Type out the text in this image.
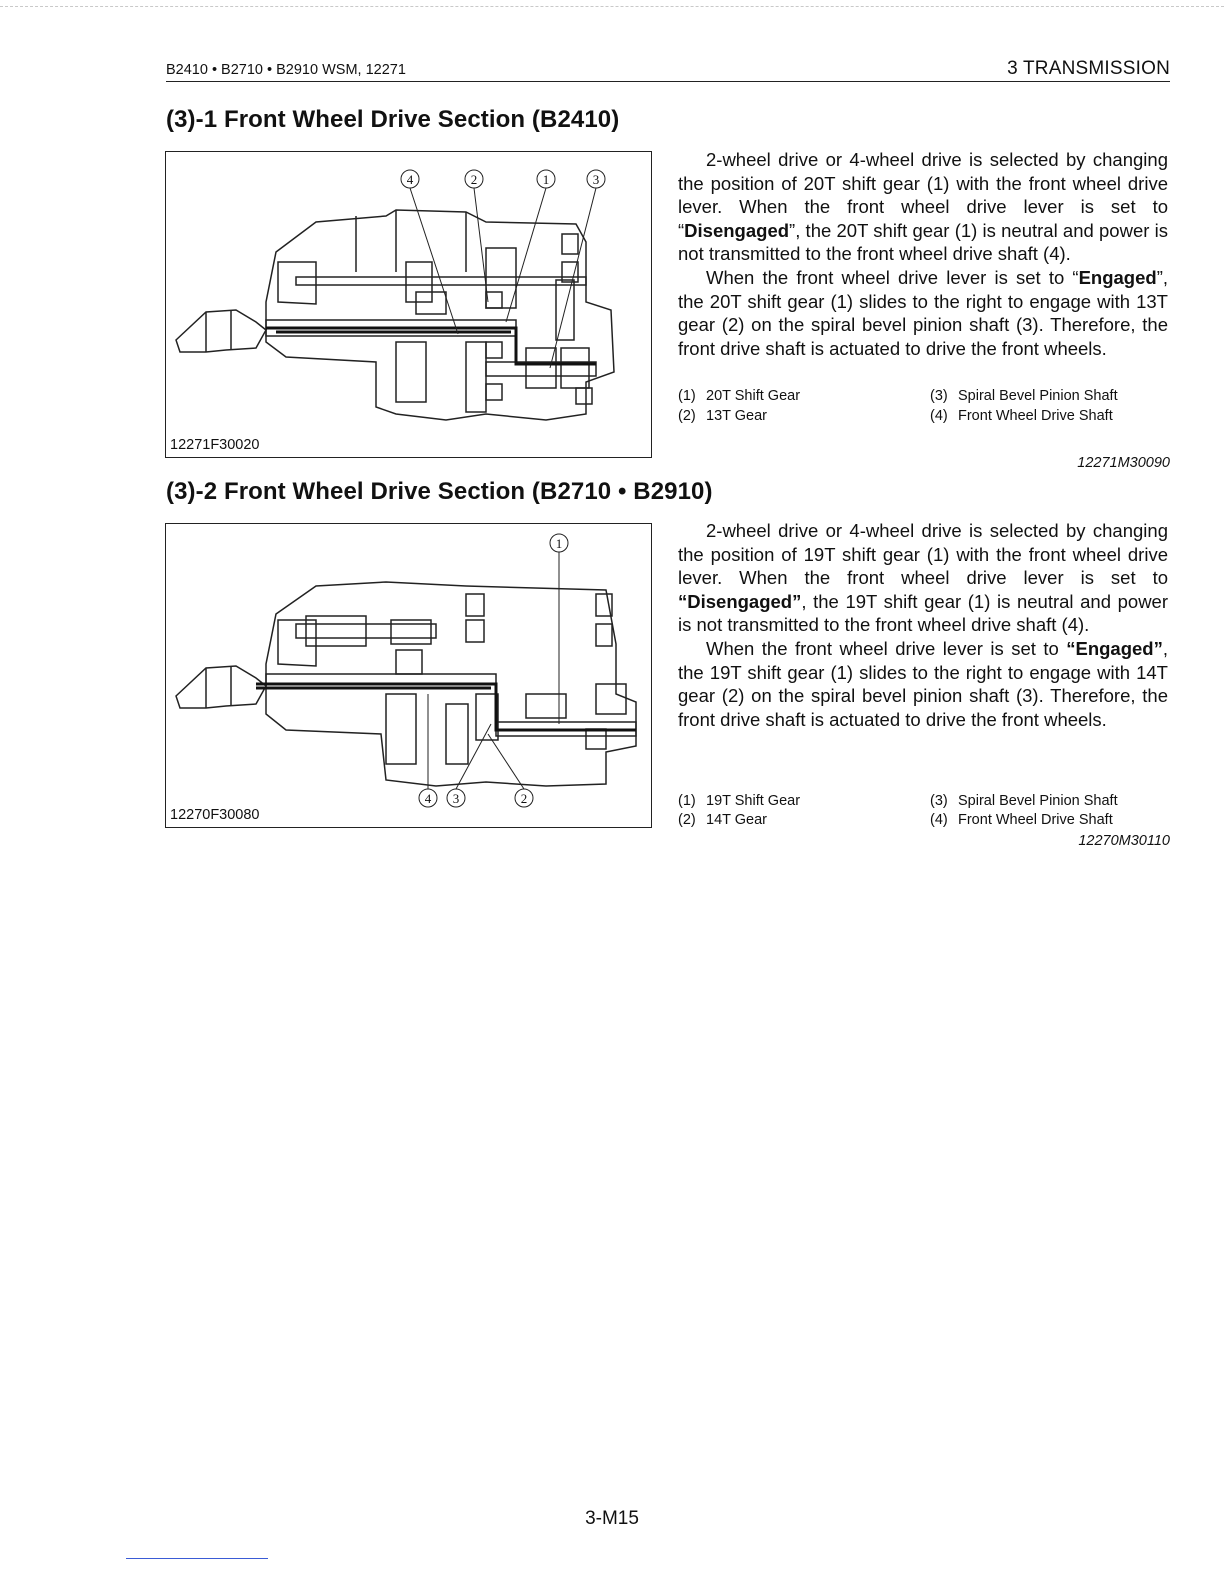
B2410 • B2710 • B2910 WSM, 12271	3 TRANSMISSION
(3)-1 Front Wheel Drive Section (B2410)
4	2	1	3
12271F30020

2-wheel drive or 4-wheel drive is selected by changing the position of 20T shift gear (1) with the front wheel drive lever. When the front wheel drive lever is set to “Disengaged”, the 20T shift gear (1) is neutral and power is not transmitted to the front wheel drive shaft (4).

When the front wheel drive lever is set to “Engaged”, the 20T shift gear (1) slides to the right to engage with 13T gear (2) on the spiral bevel pinion shaft (3). Therefore, the front drive shaft is actuated to drive the front wheels.

(1) 20T Shift Gear
(2) 13T Gear
(3) Spiral Bevel Pinion Shaft
(4) Front Wheel Drive Shaft
12271M30090
(3)-2 Front Wheel Drive Section (B2710 • B2910)
1
4 3	2
12270F30080

2-wheel drive or 4-wheel drive is selected by changing the position of 19T shift gear (1) with the front wheel drive lever. When the front wheel drive lever is set to “Disengaged”, the 19T shift gear (1) is neutral and power is not transmitted to the front wheel drive shaft (4).

When the front wheel drive lever is set to “Engaged”, the 19T shift gear (1) slides to the right to engage with 14T gear (2) on the spiral bevel pinion shaft (3). Therefore, the front drive shaft is actuated to drive the front wheels.

(1) 19T Shift Gear
(2) 14T Gear
(3) Spiral Bevel Pinion Shaft
(4) Front Wheel Drive Shaft
12270M30110
3-M15
